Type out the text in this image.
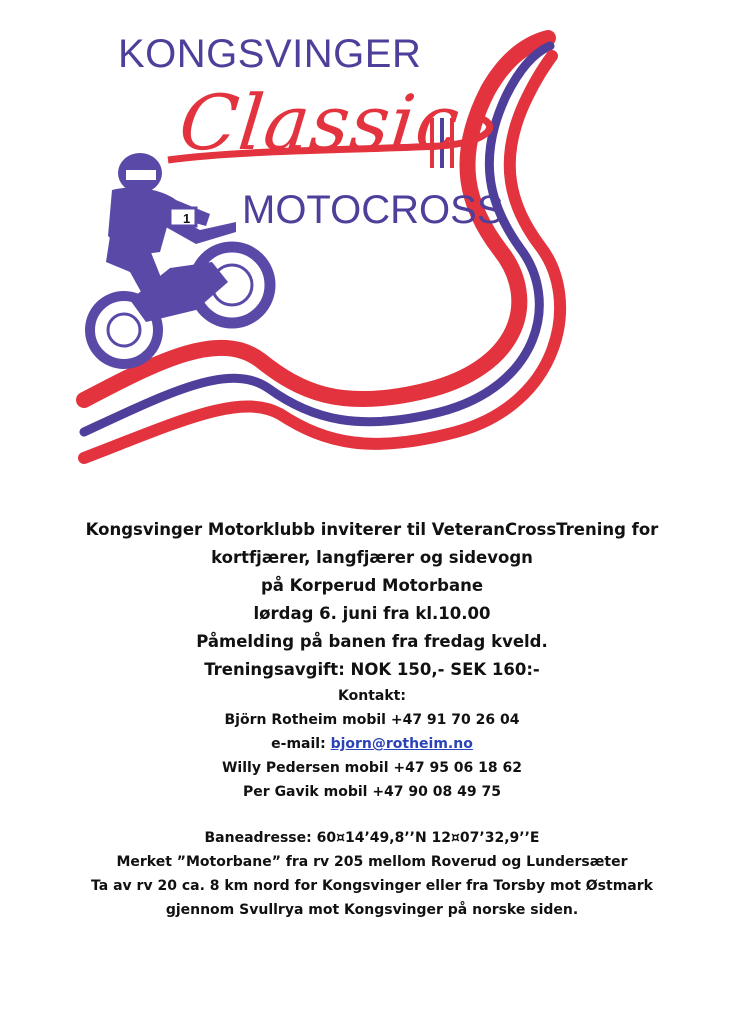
1

KONGSVINGER

Classic

MOTOCROSS

Kongsvinger Motorklubb inviterer til VeteranCrossTrening for
kortfjærer, langfjærer og sidevogn
på Korperud Motorbane
lørdag 6. juni fra kl.10.00
Påmelding på banen fra fredag kveld.
Treningsavgift: NOK 150,- SEK 160:-
Kontakt:
Björn Rotheim mobil +47 91 70 26 04
e-mail: bjorn@rotheim.no
Willy Pedersen mobil +47 95 06 18 62
Per Gavik mobil +47 90 08 49 75
Baneadresse: 60¤14’49,8’’N 12¤07’32,9’’E
Merket ”Motorbane” fra rv 205 mellom Roverud og Lundersæter
Ta av rv 20 ca. 8 km nord for Kongsvinger eller fra Torsby mot Østmark
gjennom Svullrya mot Kongsvinger på norske siden.
